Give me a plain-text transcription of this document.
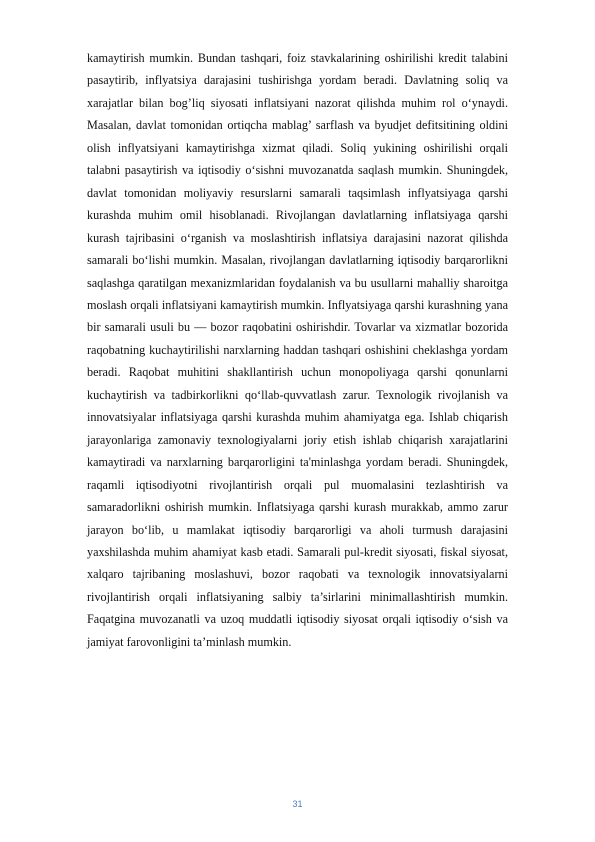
kamaytirish mumkin. Bundan tashqari, foiz stavkalarining oshirilishi kredit talabini pasaytirib, inflyatsiya darajasini tushirishga yordam beradi. Davlatning soliq va xarajatlar bilan bog’liq siyosati inflatsiyani nazorat qilishda muhim rol o‘ynaydi. Masalan, davlat tomonidan ortiqcha mablag’ sarflash va byudjet defitsitining oldini olish inflyatsiyani kamaytirishga xizmat qiladi. Soliq yukining oshirilishi orqali talabni pasaytirish va iqtisodiy o‘sishni muvozanatda saqlash mumkin. Shuningdek, davlat tomonidan moliyaviy resurslarni samarali taqsimlash inflyatsiyaga qarshi kurashda muhim omil hisoblanadi. Rivojlangan davlatlarning inflatsiyaga qarshi kurash tajribasini o‘rganish va moslashtirish inflatsiya darajasini nazorat qilishda samarali bo‘lishi mumkin. Masalan, rivojlangan davlatlarning iqtisodiy barqarorlikni saqlashga qaratilgan mexanizmlaridan foydalanish va bu usullarni mahalliy sharoitga moslash orqali inflatsiyani kamaytirish mumkin. Inflyatsiyaga qarshi kurashning yana bir samarali usuli bu — bozor raqobatini oshirishdir. Tovarlar va xizmatlar bozorida raqobatning kuchaytirilishi narxlarning haddan tashqari oshishini cheklashga yordam beradi. Raqobat muhitini shakllantirish uchun monopoliyaga qarshi qonunlarni kuchaytirish va tadbirkorlikni qo‘llab-quvvatlash zarur. Texnologik rivojlanish va innovatsiyalar inflatsiyaga qarshi kurashda muhim ahamiyatga ega. Ishlab chiqarish jarayonlariga zamonaviy texnologiyalarni joriy etish ishlab chiqarish xarajatlarini kamaytiradi va narxlarning barqarorligini ta'minlashga yordam beradi. Shuningdek, raqamli iqtisodiyotni rivojlantirish orqali pul muomalasini tezlashtirish va samaradorlikni oshirish mumkin. Inflatsiyaga qarshi kurash murakkab, ammo zarur jarayon bo‘lib, u mamlakat iqtisodiy barqarorligi va aholi turmush darajasini yaxshilashda muhim ahamiyat kasb etadi. Samarali pul-kredit siyosati, fiskal siyosat, xalqaro tajribaning moslashuvi, bozor raqobati va texnologik innovatsiyalarni rivojlantirish orqali inflatsiyaning salbiy ta’sirlarini minimallashtirish mumkin. Faqatgina muvozanatli va uzoq muddatli iqtisodiy siyosat orqali iqtisodiy o‘sish va jamiyat farovonligini ta’minlash mumkin.

31
